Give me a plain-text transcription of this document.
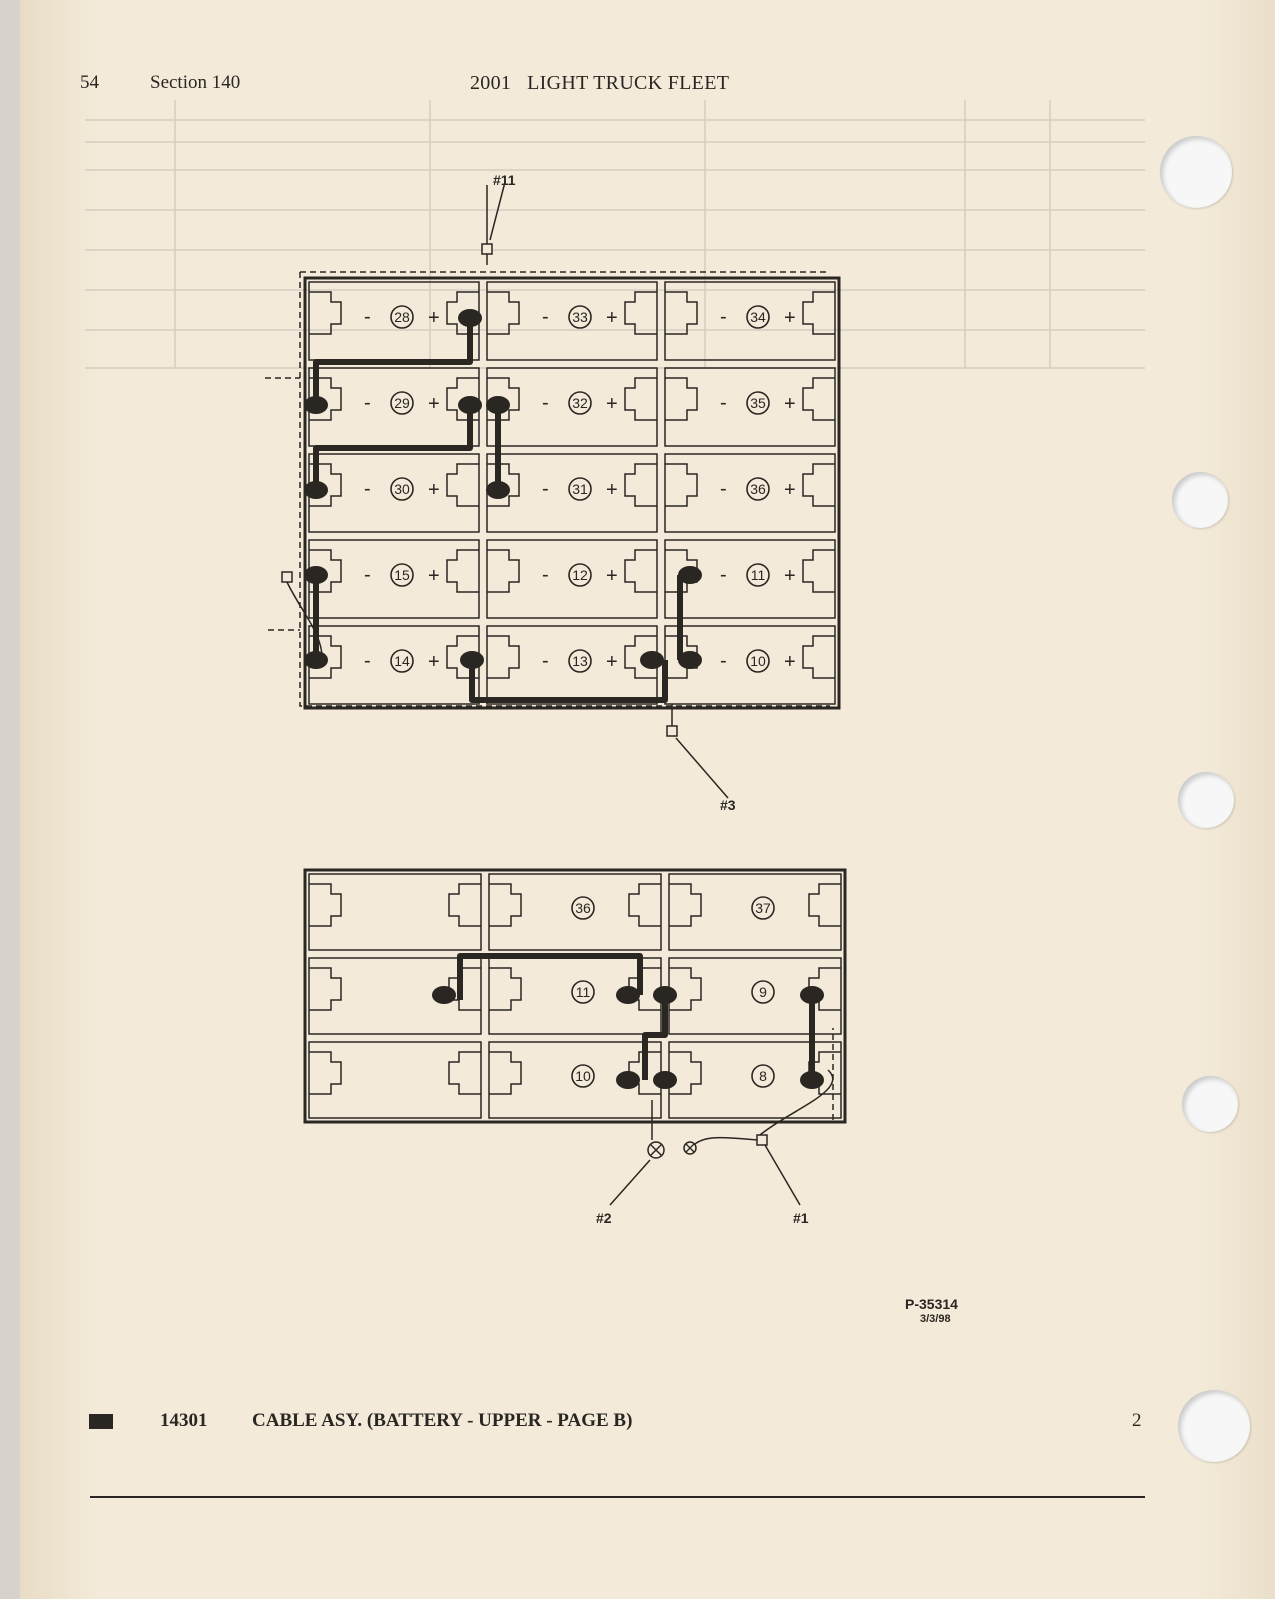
54	Section 140	2001   LIGHT TRUCK FLEET
28
-	+	33
-	+	34
-	+
29
-	+	32
-	+	35
-	+
30
-	+	31
-	+	36
-	+
15
-	+	12
-	+	11
-	+
14
-	+	13
-	+	10
-	+
36	37
11	9
10	8
#11
#3
#2	#1
P-35314
3/3/98
14301 CABLE ASY. (BATTERY - UPPER - PAGE B)	2
